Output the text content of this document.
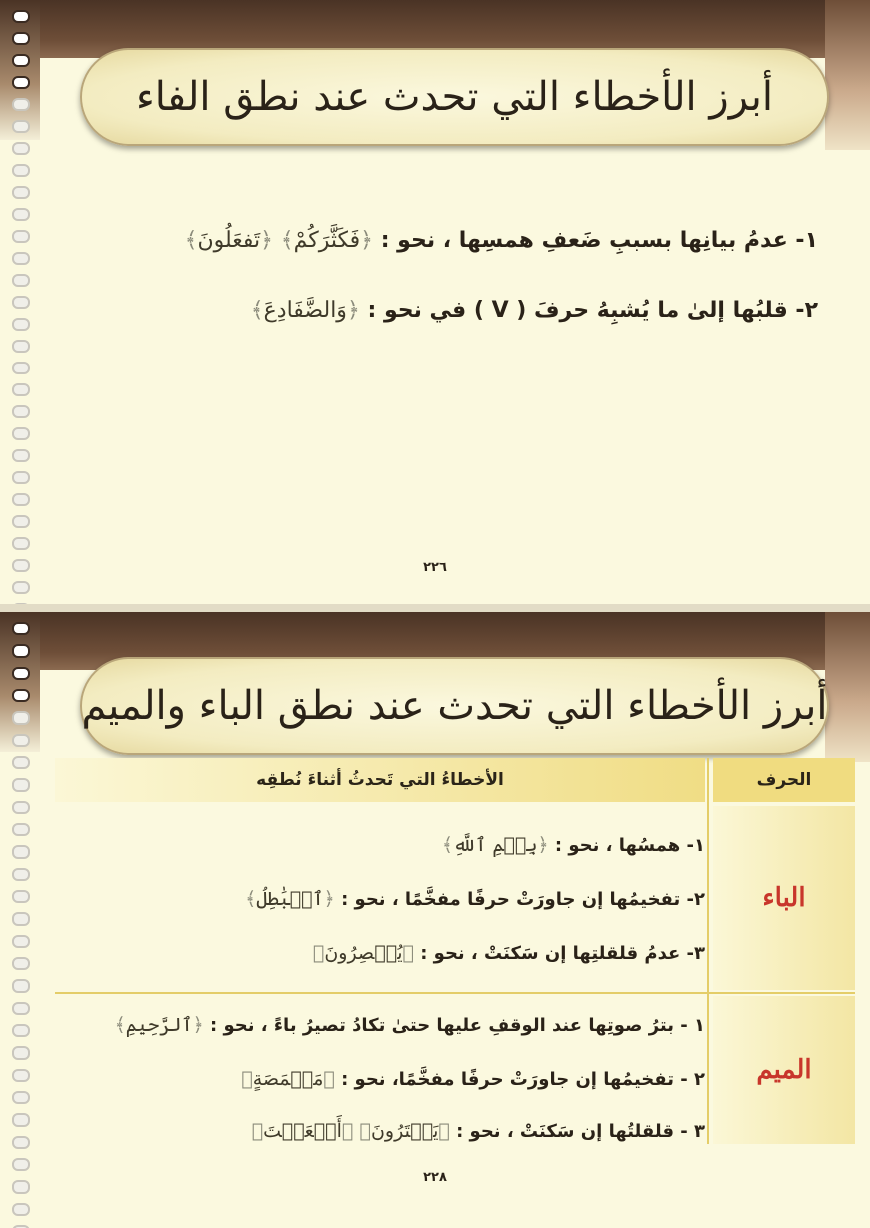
أبرز الأخطاء التي تحدث عند نطق الفاء
١- عدمُ بيانِها بسببِ ضَعفِ همسِها ، نحو : ﴿فَكَثَّرَكُمْ﴾ ﴿تَفعَلُونَ﴾
٢- قلبُها إلىٰ ما يُشبِهُ حرفَ ( V ) في نحو : ﴿وَالضَّفَادِعَ﴾
٢٢٦
أبرز الأخطاء التي تحدث عند نطق الباء والميم
الأخطاءُ التي تَحدثُ أثناءَ نُطقِه	الحرف
الباء
الميم
١- همسُها ، نحو : ﴿بِسۡمِ ٱللَّهِ﴾
٢- تفخيمُها إن جاورَتْ حرفًا مفخَّمًا ، نحو : ﴿ٱلۡبَٰطِلُ﴾
٣- عدمُ قلقلتِها إن سَكنَتْ ، نحو : ﴿يُبۡصِرُونَ﴾
١ - بترُ صوتِها عند الوقفِ عليها حتىٰ تكادُ تصيرُ باءً ، نحو : ﴿ٱلرَّحِيمِ﴾
٢ - تفخيمُها إن جاورَتْ حرفًا مفخَّمًا، نحو : ﴿مَخۡمَصَةٍ﴾
٣ - قلقلتُها إن سَكنَتْ ، نحو : ﴿يَمۡتَرُونَ﴾ ﴿أَنۡعَمۡتَ﴾
٢٢٨
